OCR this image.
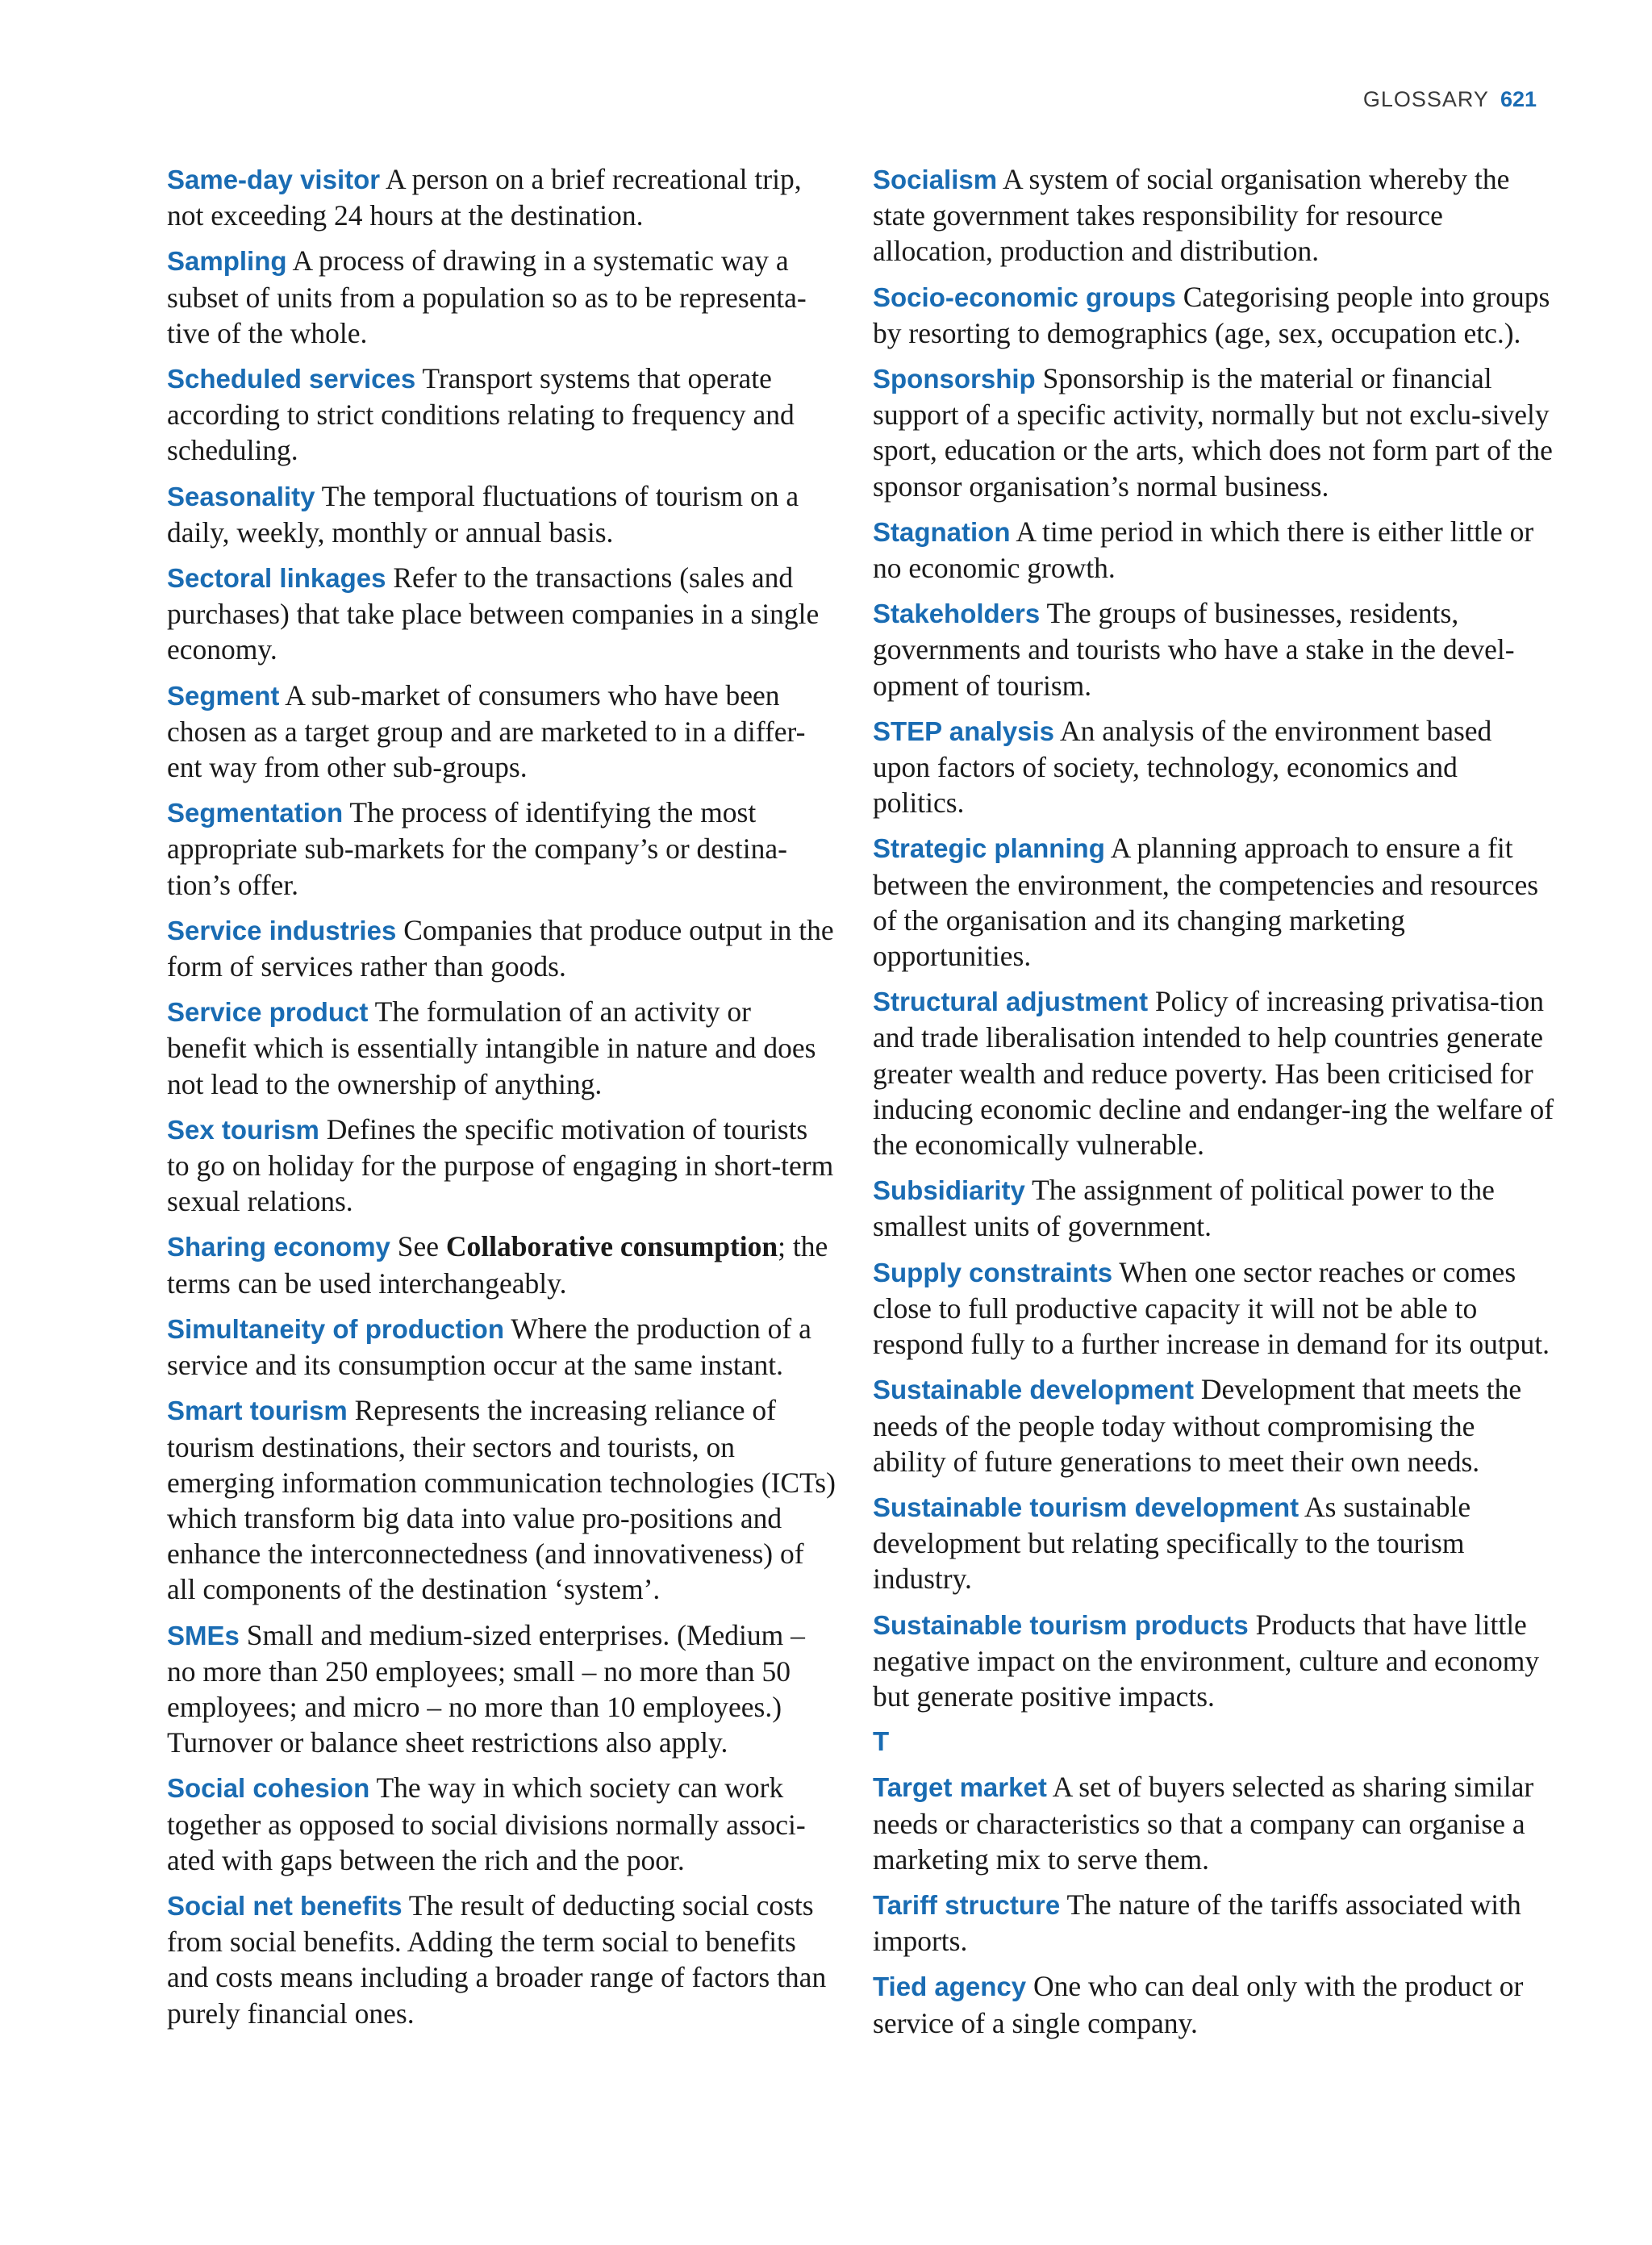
GLOSSARY 621
Same-day visitor A person on a brief recreational trip, not exceeding 24 hours at the destination.
Sampling A process of drawing in a systematic way a subset of units from a population so as to be representa-tive of the whole.
Scheduled services Transport systems that operate according to strict conditions relating to frequency and scheduling.
Seasonality The temporal fluctuations of tourism on a daily, weekly, monthly or annual basis.
Sectoral linkages Refer to the transactions (sales and purchases) that take place between companies in a single economy.
Segment A sub-market of consumers who have been chosen as a target group and are marketed to in a differ-ent way from other sub-groups.
Segmentation The process of identifying the most appropriate sub-markets for the company’s or destina-tion’s offer.
Service industries Companies that produce output in the form of services rather than goods.
Service product The formulation of an activity or benefit which is essentially intangible in nature and does not lead to the ownership of anything.
Sex tourism Defines the specific motivation of tourists to go on holiday for the purpose of engaging in short-term sexual relations.
Sharing economy See Collaborative consumption; the terms can be used interchangeably.
Simultaneity of production Where the production of a service and its consumption occur at the same instant.
Smart tourism Represents the increasing reliance of tourism destinations, their sectors and tourists, on emerging information communication technologies (ICTs) which transform big data into value pro-positions and enhance the interconnectedness (and innovativeness) of all components of the destination ‘system’.
SMEs Small and medium-sized enterprises. (Medium – no more than 250 employees; small – no more than 50 employees; and micro – no more than 10 employees.) Turnover or balance sheet restrictions also apply.
Social cohesion The way in which society can work together as opposed to social divisions normally associ-ated with gaps between the rich and the poor.
Social net benefits The result of deducting social costs from social benefits. Adding the term social to benefits and costs means including a broader range of factors than purely financial ones.
Socialism A system of social organisation whereby the state government takes responsibility for resource allocation, production and distribution.
Socio-economic groups Categorising people into groups by resorting to demographics (age, sex, occupation etc.).
Sponsorship Sponsorship is the material or financial support of a specific activity, normally but not exclu-sively sport, education or the arts, which does not form part of the sponsor organisation’s normal business.
Stagnation A time period in which there is either little or no economic growth.
Stakeholders The groups of businesses, residents, governments and tourists who have a stake in the devel-opment of tourism.
STEP analysis An analysis of the environment based upon factors of society, technology, economics and politics.
Strategic planning A planning approach to ensure a fit between the environment, the competencies and resources of the organisation and its changing marketing opportunities.
Structural adjustment Policy of increasing privatisa-tion and trade liberalisation intended to help countries generate greater wealth and reduce poverty. Has been criticised for inducing economic decline and endanger-ing the welfare of the economically vulnerable.
Subsidiarity The assignment of political power to the smallest units of government.
Supply constraints When one sector reaches or comes close to full productive capacity it will not be able to respond fully to a further increase in demand for its output.
Sustainable development Development that meets the needs of the people today without compromising the ability of future generations to meet their own needs.
Sustainable tourism development As sustainable development but relating specifically to the tourism industry.
Sustainable tourism products Products that have little negative impact on the environment, culture and economy but generate positive impacts.
T
Target market A set of buyers selected as sharing similar needs or characteristics so that a company can organise a marketing mix to serve them.
Tariff structure The nature of the tariffs associated with imports.
Tied agency One who can deal only with the product or service of a single company.
